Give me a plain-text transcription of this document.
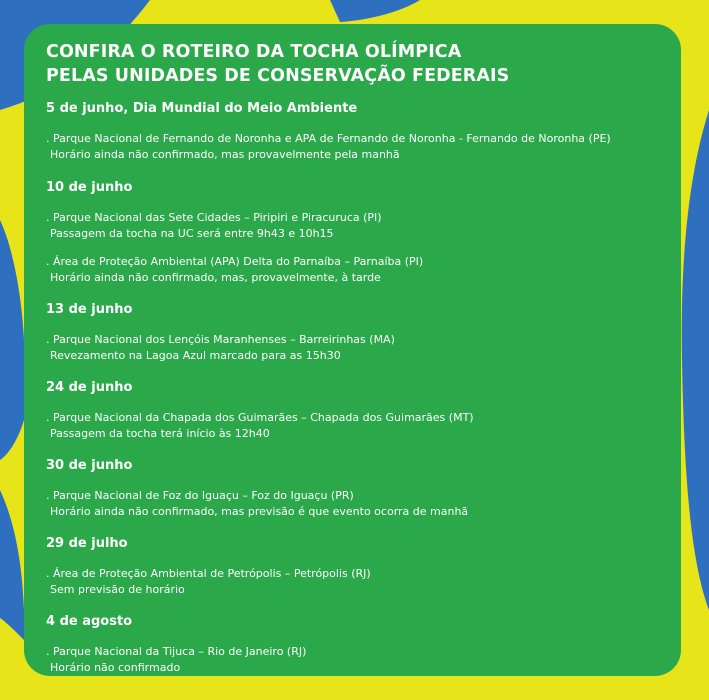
CONFIRA O ROTEIRO DA TOCHA OLÍMPICA
PELAS UNIDADES DE CONSERVAÇÃO FEDERAIS

5 de junho, Dia Mundial do Meio Ambiente

. Parque Nacional de Fernando de Noronha e APA de Fernando de Noronha - Fernando de Noronha (PE)
Horário ainda não confirmado, mas provavelmente pela manhã

10 de junho

. Parque Nacional das Sete Cidades – Piripiri e Piracuruca (PI)
Passagem da tocha na UC será entre 9h43 e 10h15
. Área de Proteção Ambiental (APA) Delta do Parnaíba – Parnaíba (PI)
Horário ainda não confirmado, mas, provavelmente, à tarde

13 de junho

. Parque Nacional dos Lençóis Maranhenses – Barreirinhas (MA)
Revezamento na Lagoa Azul marcado para as 15h30

24 de junho

. Parque Nacional da Chapada dos Guimarães – Chapada dos Guimarães (MT)
Passagem da tocha terá início às 12h40

30 de junho

. Parque Nacional de Foz do Iguaçu – Foz do Iguaçu (PR)
Horário ainda não confirmado, mas previsão é que evento ocorra de manhã

29 de julho

. Área de Proteção Ambiental de Petrópolis – Petrópolis (RJ)
Sem previsão de horário

4 de agosto

. Parque Nacional da Tijuca – Rio de Janeiro (RJ)
Horário não confirmado
